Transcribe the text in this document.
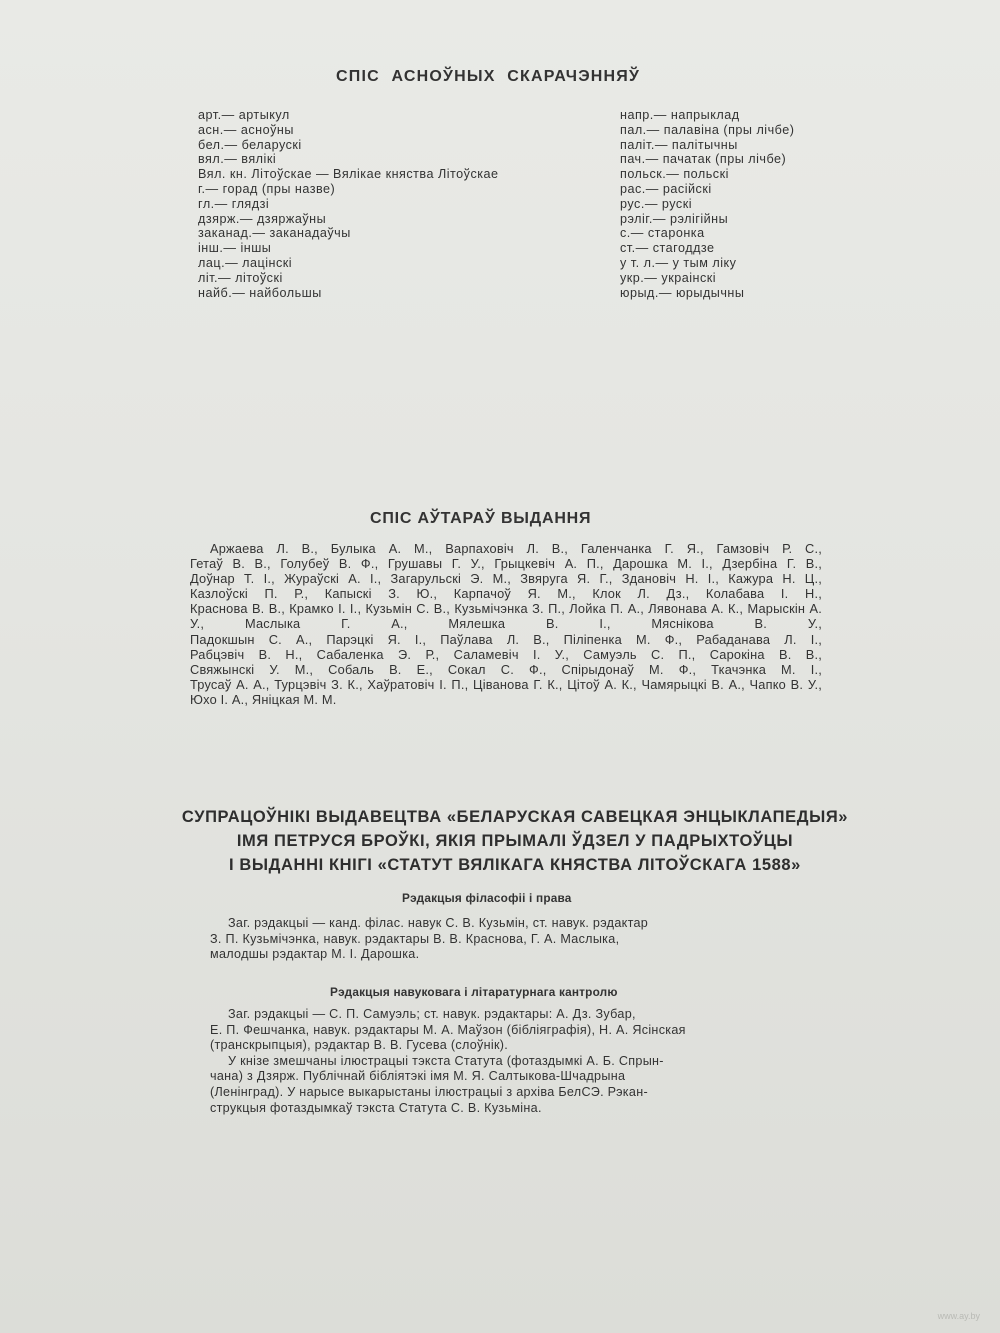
СПІС АСНОЎНЫХ СКАРАЧЭННЯЎ
арт.— артыкул
асн.— асноўны
бел.— беларускі
вял.— вялікі
Вял. кн. Літоўскае — Вялікае княства Літоўскае
г.— горад (пры назве)
гл.— глядзі
дзярж.— дзяржаўны
заканад.— заканадаўчы
інш.— іншы
лац.— лацінскі
літ.— літоўскі
найб.— найбольшы
напр.— напрыклад
пал.— палавіна (пры лічбе)
паліт.— палітычны
пач.— пачатак (пры лічбе)
польск.— польскі
рас.— расійскі
рус.— рускі
рэліг.— рэлігійны
с.— старонка
ст.— стагоддзе
у т. л.— у тым ліку
укр.— украінскі
юрыд.— юрыдычны
СПІС АЎТАРАЎ ВЫДАННЯ
Аржаева Л. В., Булыка А. М., Варпаховіч Л. В., Галенчанка Г. Я., Гамзовіч Р. С.,
Гетаў В. В., Голубеў В. Ф., Грушавы Г. У., Грыцкевіч А. П., Дарошка М. І., Дзербіна Г. В.,
Доўнар Т. І., Жураўскі А. І., Загарульскі Э. М., Звяруга Я. Г., Здановіч Н. І., Кажура Н. Ц.,
Казлоўскі П. Р., Капыскі З. Ю., Карпачоў Я. М., Клок Л. Дз., Колабава І. Н.,
Краснова В. В., Крамко І. І., Кузьмін С. В., Кузьмічэнка З. П., Лойка П. А., Лявонава А. К., Марыскін А. У., Маслыка Г. А., Мялешка В. І., Мяснікова В. У.,
Падокшын С. А., Парэцкі Я. І., Паўлава Л. В., Піліпенка М. Ф., Рабаданава Л. І.,
Рабцэвіч В. Н., Сабаленка Э. Р., Саламевіч І. У., Самуэль С. П., Сарокіна В. В.,
Свяжынскі У. М., Собаль В. Е., Сокал С. Ф., Спірыдонаў М. Ф., Ткачэнка М. І.,
Трусаў А. А., Турцэвіч З. К., Хаўратовіч І. П., Ціванова Г. К., Цітоў А. К., Чамярыцкі В. А., Чапко В. У., Юхо І. А., Яніцкая М. М.
СУПРАЦОЎНІКІ ВЫДАВЕЦТВА «БЕЛАРУСКАЯ САВЕЦКАЯ ЭНЦЫКЛАПЕДЫЯ»
ІМЯ ПЕТРУСЯ БРОЎКІ, ЯКІЯ ПРЫМАЛІ ЎДЗЕЛ У ПАДРЫХТОЎЦЫ
І ВЫДАННІ КНІГІ «СТАТУТ ВЯЛІКАГА КНЯСТВА ЛІТОЎСКАГА 1588»
Рэдакцыя філасофіі і права
Заг. рэдакцыі — канд. філас. навук С. В. Кузьмін, ст. навук. рэдактар
З. П. Кузьмічэнка, навук. рэдактары В. В. Краснова, Г. А. Маслыка,
малодшы рэдактар М. І. Дарошка.
Рэдакцыя навуковага і літаратурнага кантролю
Заг. рэдакцыі — С. П. Самуэль; ст. навук. рэдактары: А. Дз. Зубар,
Е. П. Фешчанка, навук. рэдактары М. А. Маўзон (бібліяграфія), Н. А. Ясінская
(транскрыпцыя), рэдактар В. В. Гусева (слоўнік).
У кнізе змешчаны ілюстрацыі тэкста Статута (фотаздымкі А. Б. Спрын-
чана) з Дзярж. Публічнай бібліятэкі імя М. Я. Салтыкова-Шчадрына
(Ленінград). У нарысе выкарыстаны ілюстрацыі з архіва БелСЭ. Рэкан-
струкцыя фотаздымкаў тэкста Статута С. В. Кузьміна.
www.ay.by
